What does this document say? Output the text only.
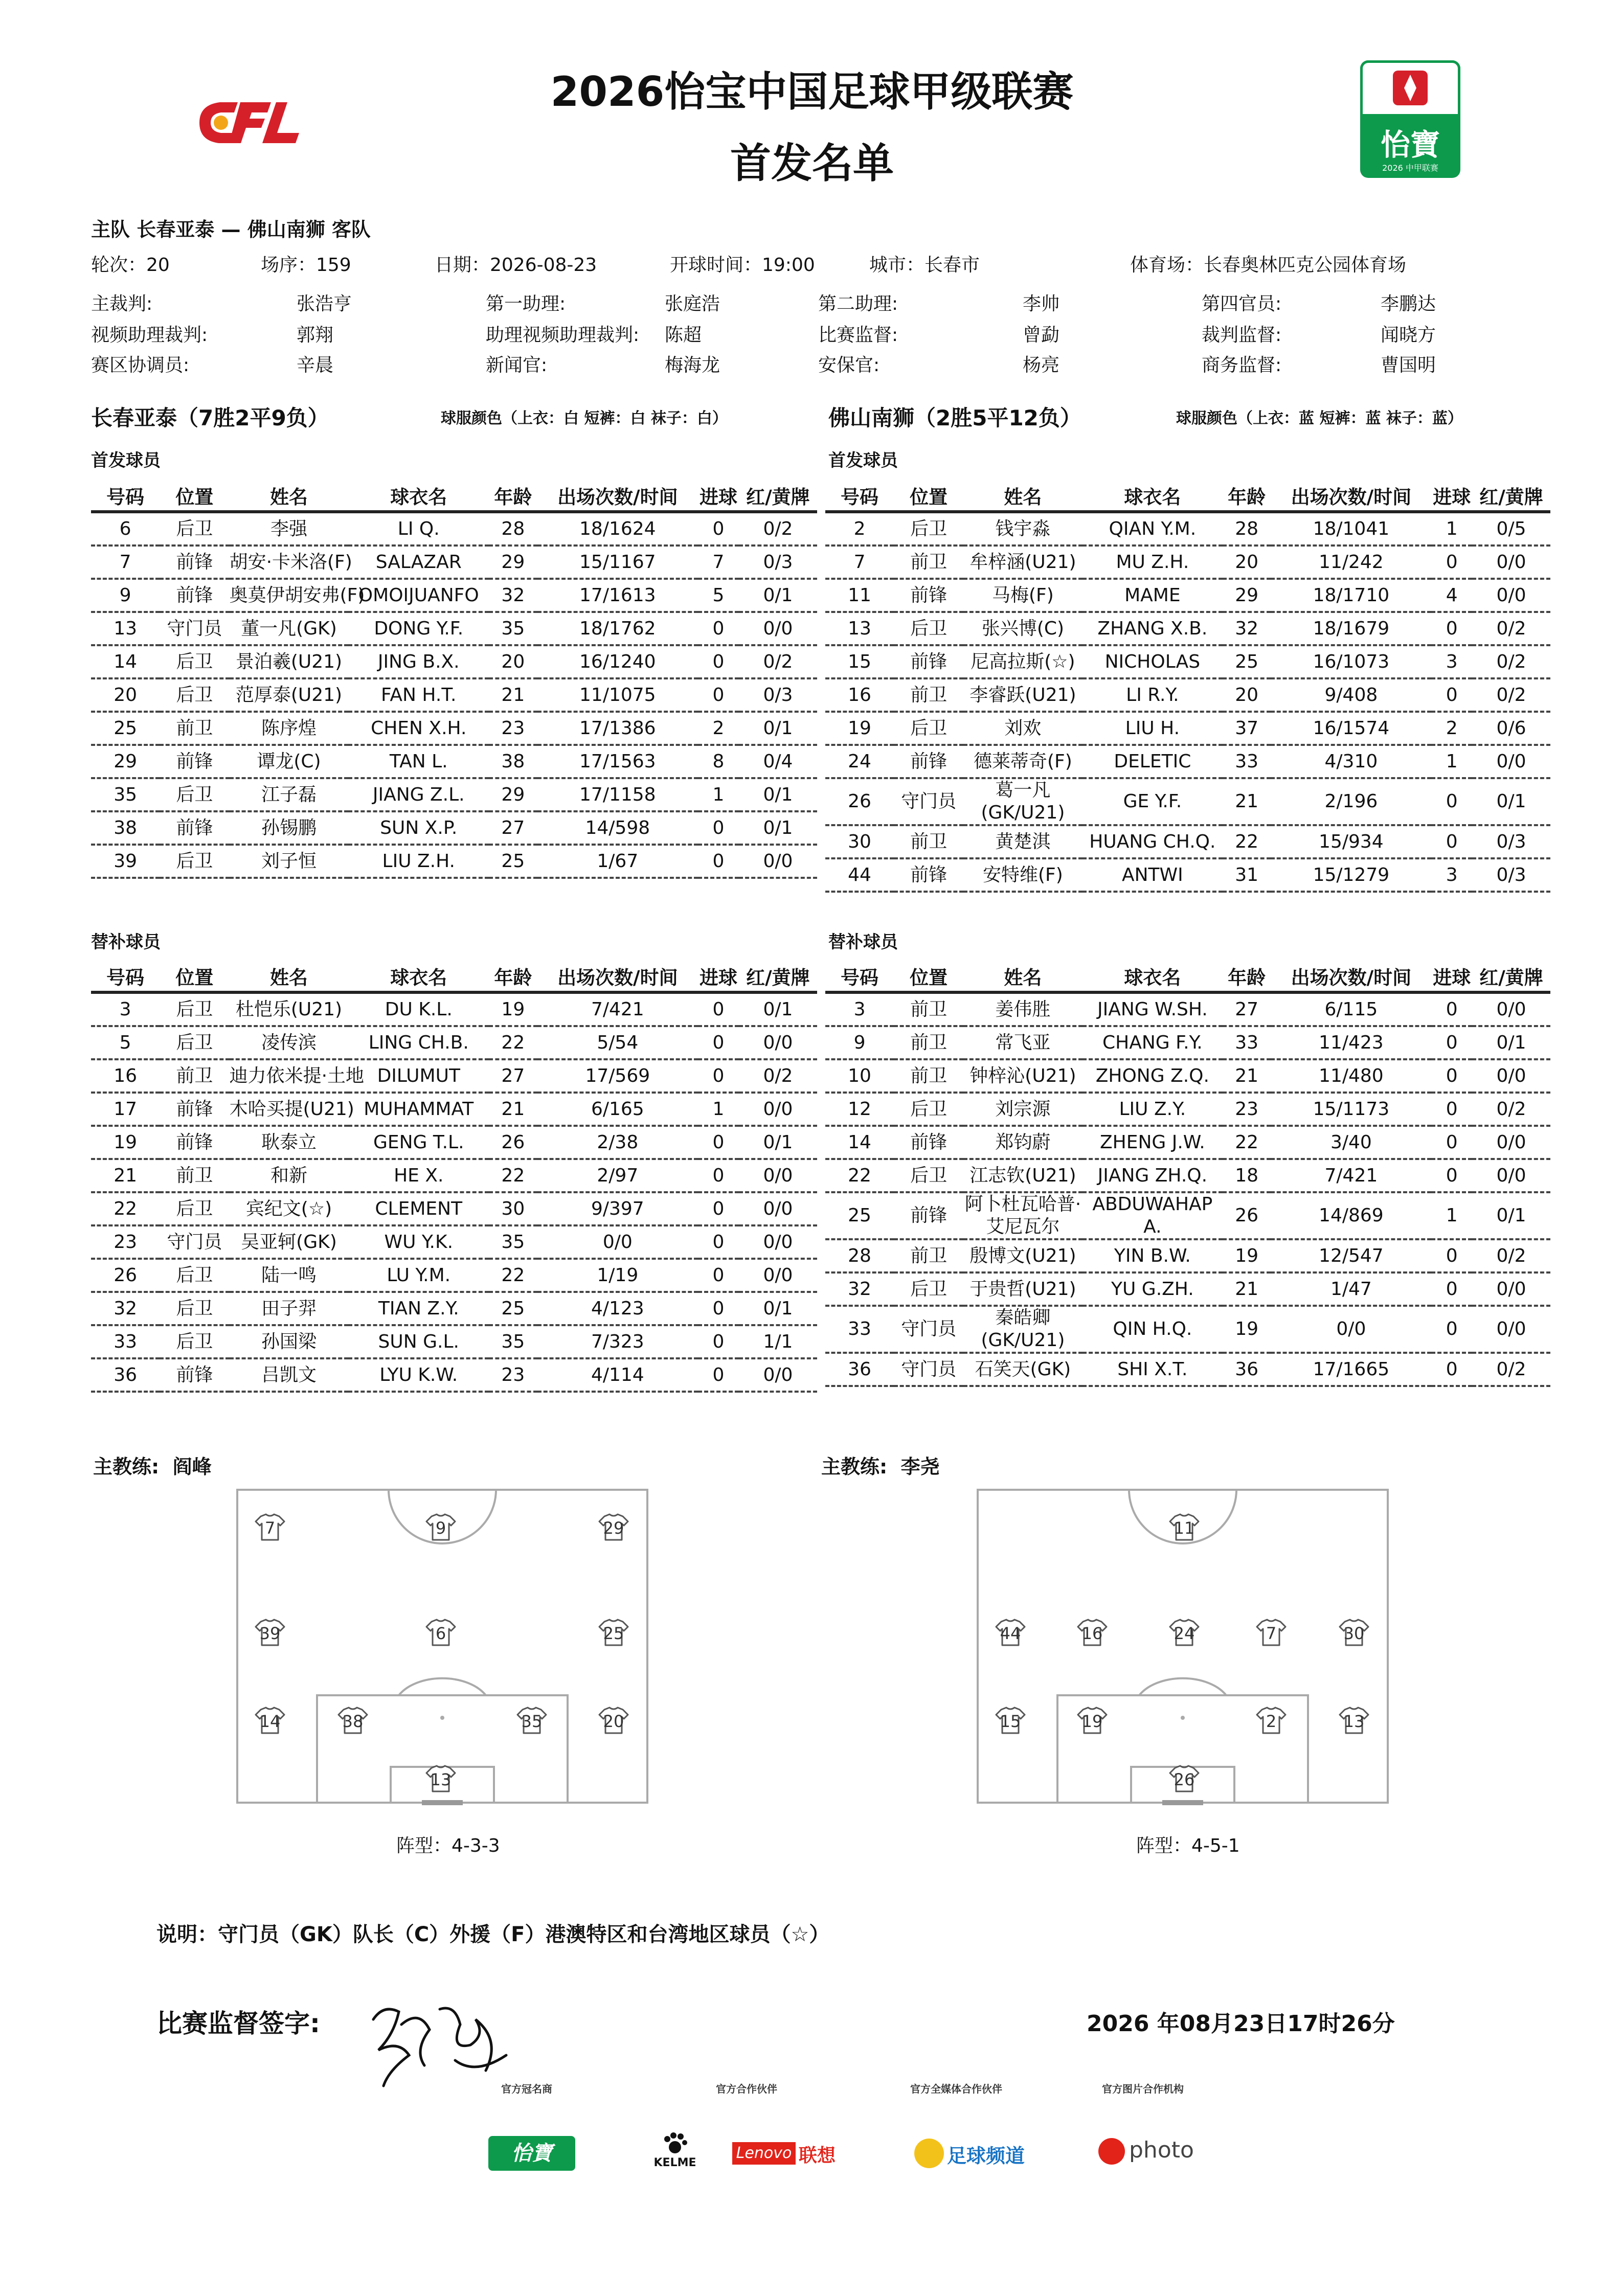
2026怡宝中国足球甲级联赛
首发名单	怡寶
2026 中甲联赛
主队 长春亚泰 — 佛山南狮 客队
轮次：20	场序：159	日期：2026-08-23	开球时间：19:00	城市：长春市	体育场：长春奥林匹克公园体育场
主裁判:	张浩亨	第一助理:	张庭浩	第二助理:	李帅	第四官员:	李鹏达
视频助理裁判:	郭翔	助理视频助理裁判: 陈超	比赛监督:	曾勐	裁判监督:	闻晓方
赛区协调员:	辛晨	新闻官:	梅海龙	安保官:	杨亮	商务监督:	曹国明
长春亚泰（7胜2平9负）	球服颜色（上衣：白 短裤：白 袜子：白）	佛山南狮（2胜5平12负）	球服颜色（上衣：蓝 短裤：蓝 袜子：蓝）
首发球员	首发球员
替补球员	替补球员
号码	位置	姓名	球衣名	年龄	出场次数/时间	进球	红/黄牌
6	后卫	李强	LI Q.	28	18/1624	0	0/2
7	前锋	胡安·卡米洛(F)	SALAZAR	29	15/1167	7	0/3
9	前锋	奥莫伊胡安弗(F)	OMOIJUANFO	32	17/1613	5	0/1
13	守门员	董一凡(GK)	DONG Y.F.	35	18/1762	0	0/0
14	后卫	景泊羲(U21)	JING B.X.	20	16/1240	0	0/2
20	后卫	范厚泰(U21)	FAN H.T.	21	11/1075	0	0/3
25	前卫	陈序煌	CHEN X.H.	23	17/1386	2	0/1
29	前锋	谭龙(C)	TAN L.	38	17/1563	8	0/4
35	后卫	江子磊	JIANG Z.L.	29	17/1158	1	0/1
38	前锋	孙锡鹏	SUN X.P.	27	14/598	0	0/1
39	后卫	刘子恒	LIU Z.H.	25	1/67	0	0/0
号码	位置	姓名	球衣名	年龄	出场次数/时间	进球	红/黄牌
2	后卫	钱宇淼	QIAN Y.M.	28	18/1041	1	0/5
7	前卫	牟梓涵(U21)	MU Z.H.	20	11/242	0	0/0
11	前锋	马梅(F)	MAME	29	18/1710	4	0/0
13	后卫	张兴博(C)	ZHANG X.B.	32	18/1679	0	0/2
15	前锋	尼高拉斯(☆)	NICHOLAS	25	16/1073	3	0/2
16	前卫	李睿跃(U21)	LI R.Y.	20	9/408	0	0/2
19	后卫	刘欢	LIU H.	37	16/1574	2	0/6
24	前锋	德莱蒂奇(F)	DELETIC	33	4/310	1	0/0
26	守门员	葛一凡(GK/U21)	GE Y.F.	21	2/196	0	0/1
30	前卫	黄楚淇	HUANG CH.Q.	22	15/934	0	0/3
44	前锋	安特维(F)	ANTWI	31	15/1279	3	0/3
号码	位置	姓名	球衣名	年龄	出场次数/时间	进球	红/黄牌
3	后卫	杜恺乐(U21)	DU K.L.	19	7/421	0	0/1
5	后卫	凌传滨	LING CH.B.	22	5/54	0	0/0
16	前卫	迪力依米提·土地	DILUMUT	27	17/569	0	0/2
17	前锋	木哈买提(U21)	MUHAMMAT	21	6/165	1	0/0
19	前锋	耿泰立	GENG T.L.	26	2/38	0	0/1
21	前卫	和新	HE X.	22	2/97	0	0/0
22	后卫	宾纪文(☆)	CLEMENT	30	9/397	0	0/0
23	守门员	吴亚轲(GK)	WU Y.K.	35	0/0	0	0/0
26	后卫	陆一鸣	LU Y.M.	22	1/19	0	0/0
32	后卫	田子羿	TIAN Z.Y.	25	4/123	0	0/1
33	后卫	孙国梁	SUN G.L.	35	7/323	0	1/1
36	前锋	吕凯文	LYU K.W.	23	4/114	0	0/0
号码	位置	姓名	球衣名	年龄	出场次数/时间	进球	红/黄牌
3	前卫	姜伟胜	JIANG W.SH.	27	6/115	0	0/0
9	前卫	常飞亚	CHANG F.Y.	33	11/423	0	0/1
10	前卫	钟梓沁(U21)	ZHONG Z.Q.	21	11/480	0	0/0
12	后卫	刘宗源	LIU Z.Y.	23	15/1173	0	0/2
14	前锋	郑钧蔚	ZHENG J.W.	22	3/40	0	0/0
22	后卫	江志钦(U21)	JIANG ZH.Q.	18	7/421	0	0/0
25	前锋	阿卜杜瓦哈普·艾尼瓦尔	ABDUWAHAP A.	26	14/869	1	0/1
28	前卫	殷博文(U21)	YIN B.W.	19	12/547	0	0/2
32	后卫	于贵哲(U21)	YU G.ZH.	21	1/47	0	0/0
33	守门员	秦皓卿(GK/U21)	QIN H.Q.	19	0/0	0	0/0
36	守门员	石笑天(GK)	SHI X.T.	36	17/1665	0	0/2
主教练: 阎峰	主教练: 李尧
7	9	29
39	6	25
14	38	35	20
13
11
44	16	24	7	30
15	19	2	13
26
阵型：4-3-3	阵型：4-5-1
说明：守门员（GK）队长（C）外援（F）港澳特区和台湾地区球员（☆）
比赛监督签字:	2026 年08月23日17时26分
官方冠名商	官方合作伙伴	官方全媒体合作伙伴	官方图片合作机构
怡寶	KELME
Lenovo 联想	足球频道	photo
